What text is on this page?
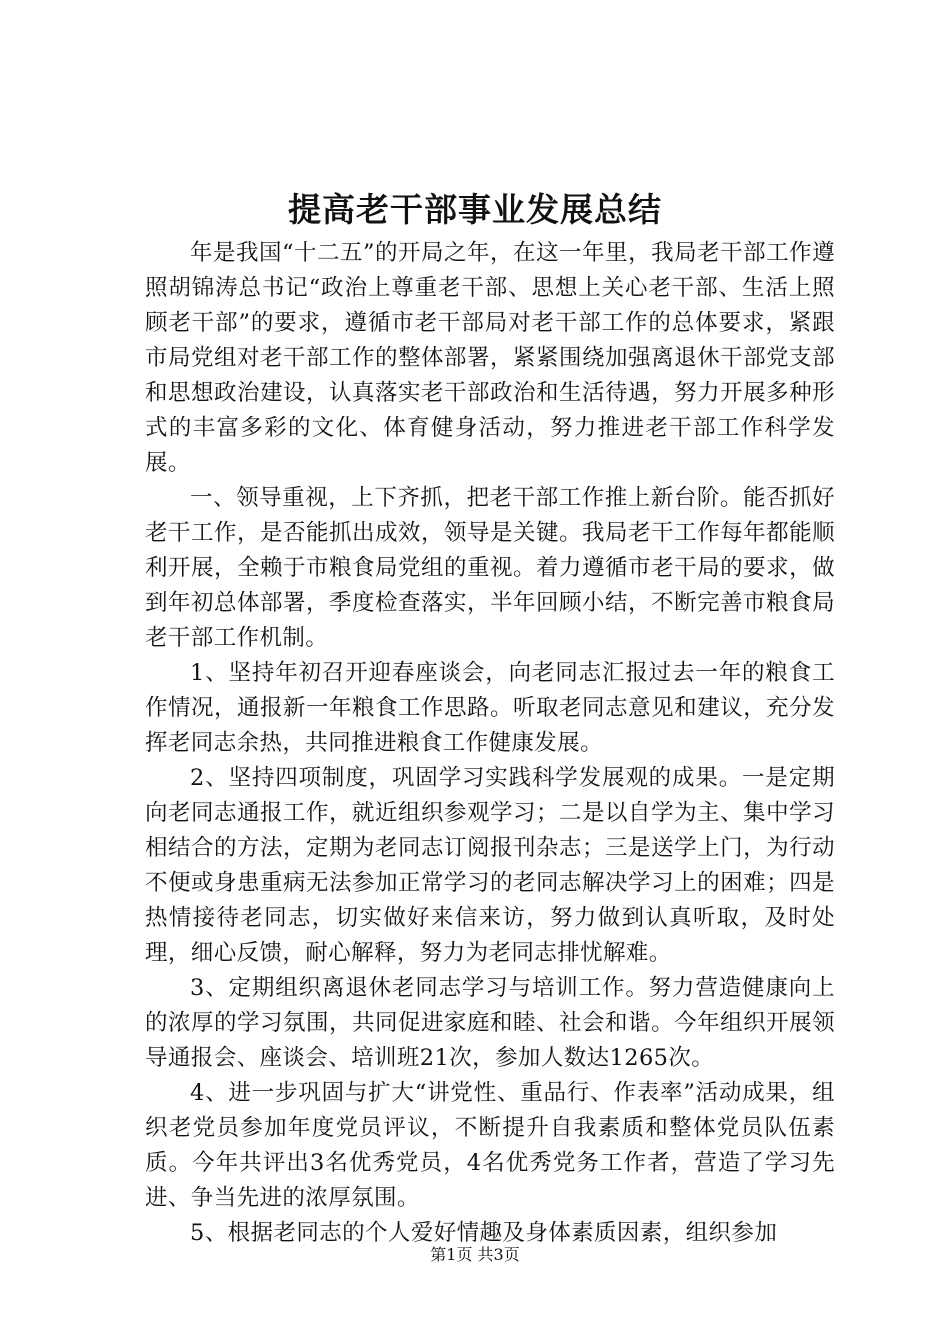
提高老干部事业发展总结

年是我国“十二五”的开局之年，在这一年里，我局老干部工作遵照胡锦涛总书记“政治上尊重老干部、思想上关心老干部、生活上照顾老干部”的要求，遵循市老干部局对老干部工作的总体要求，紧跟市局党组对老干部工作的整体部署，紧紧围绕加强离退休干部党支部和思想政治建设，认真落实老干部政治和生活待遇，努力开展多种形式的丰富多彩的文化、体育健身活动，努力推进老干部工作科学发展。

一、领导重视，上下齐抓，把老干部工作推上新台阶。能否抓好老干工作，是否能抓出成效，领导是关键。我局老干工作每年都能顺利开展，全赖于市粮食局党组的重视。着力遵循市老干局的要求，做到年初总体部署，季度检查落实，半年回顾小结，不断完善市粮食局老干部工作机制。

1、坚持年初召开迎春座谈会，向老同志汇报过去一年的粮食工作情况，通报新一年粮食工作思路。听取老同志意见和建议，充分发挥老同志余热，共同推进粮食工作健康发展。

2、坚持四项制度，巩固学习实践科学发展观的成果。一是定期向老同志通报工作，就近组织参观学习；二是以自学为主、集中学习相结合的方法，定期为老同志订阅报刊杂志；三是送学上门，为行动不便或身患重病无法参加正常学习的老同志解决学习上的困难；四是热情接待老同志，切实做好来信来访，努力做到认真听取，及时处理，细心反馈，耐心解释，努力为老同志排忧解难。

3、定期组织离退休老同志学习与培训工作。努力营造健康向上的浓厚的学习氛围，共同促进家庭和睦、社会和谐。今年组织开展领导通报会、座谈会、培训班21次，参加人数达1265次。

4、进一步巩固与扩大“讲党性、重品行、作表率”活动成果，组织老党员参加年度党员评议，不断提升自我素质和整体党员队伍素质。今年共评出3名优秀党员，4名优秀党务工作者，营造了学习先进、争当先进的浓厚氛围。

5、根据老同志的个人爱好情趣及身体素质因素，组织参加

第1页 共3页
